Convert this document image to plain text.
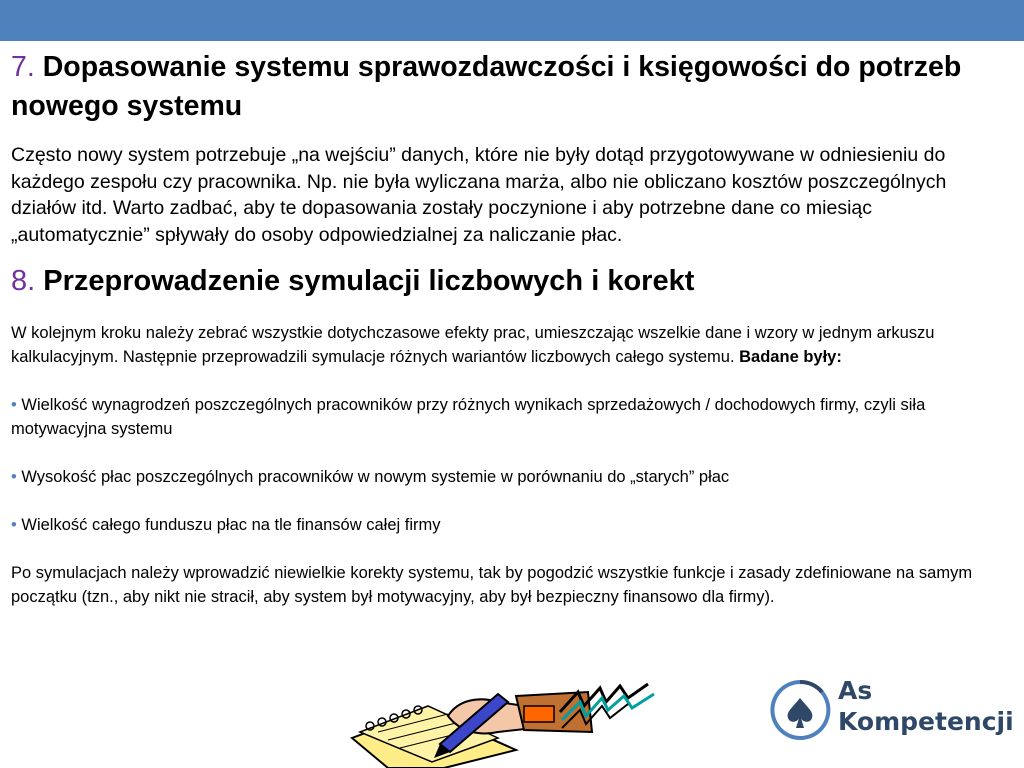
7. Dopasowanie systemu sprawozdawczości i księgowości do potrzeb nowego systemu

Często nowy system potrzebuje „na wejściu” danych, które nie były dotąd przygotowywane w odniesieniu do każdego zespołu czy pracownika. Np. nie była wyliczana marża, albo nie obliczano kosztów poszczególnych działów itd. Warto zadbać, aby te dopasowania zostały poczynione i aby potrzebne dane co miesiąc „automatycznie” spływały do osoby odpowiedzialnej za naliczanie płac.

8. Przeprowadzenie symulacji liczbowych i korekt

W kolejnym kroku należy zebrać wszystkie dotychczasowe efekty prac, umieszczając wszelkie dane i wzory w jednym arkuszu kalkulacyjnym. Następnie przeprowadzili symulacje różnych wariantów liczbowych całego systemu. Badane były:

• Wielkość wynagrodzeń poszczególnych pracowników przy różnych wynikach sprzedażowych / dochodowych firmy, czyli siła motywacyjna systemu

• Wysokość płac poszczególnych pracowników w nowym systemie w porównaniu do „starych” płac

• Wielkość całego funduszu płac na tle finansów całej firmy

Po symulacjach należy wprowadzić niewielkie korekty systemu, tak by pogodzić wszystkie funkcje i zasady zdefiniowane na samym początku (tzn., aby nikt nie stracił, aby system był motywacyjny, aby był bezpieczny finansowo dla firmy).

As
Kompetencji
